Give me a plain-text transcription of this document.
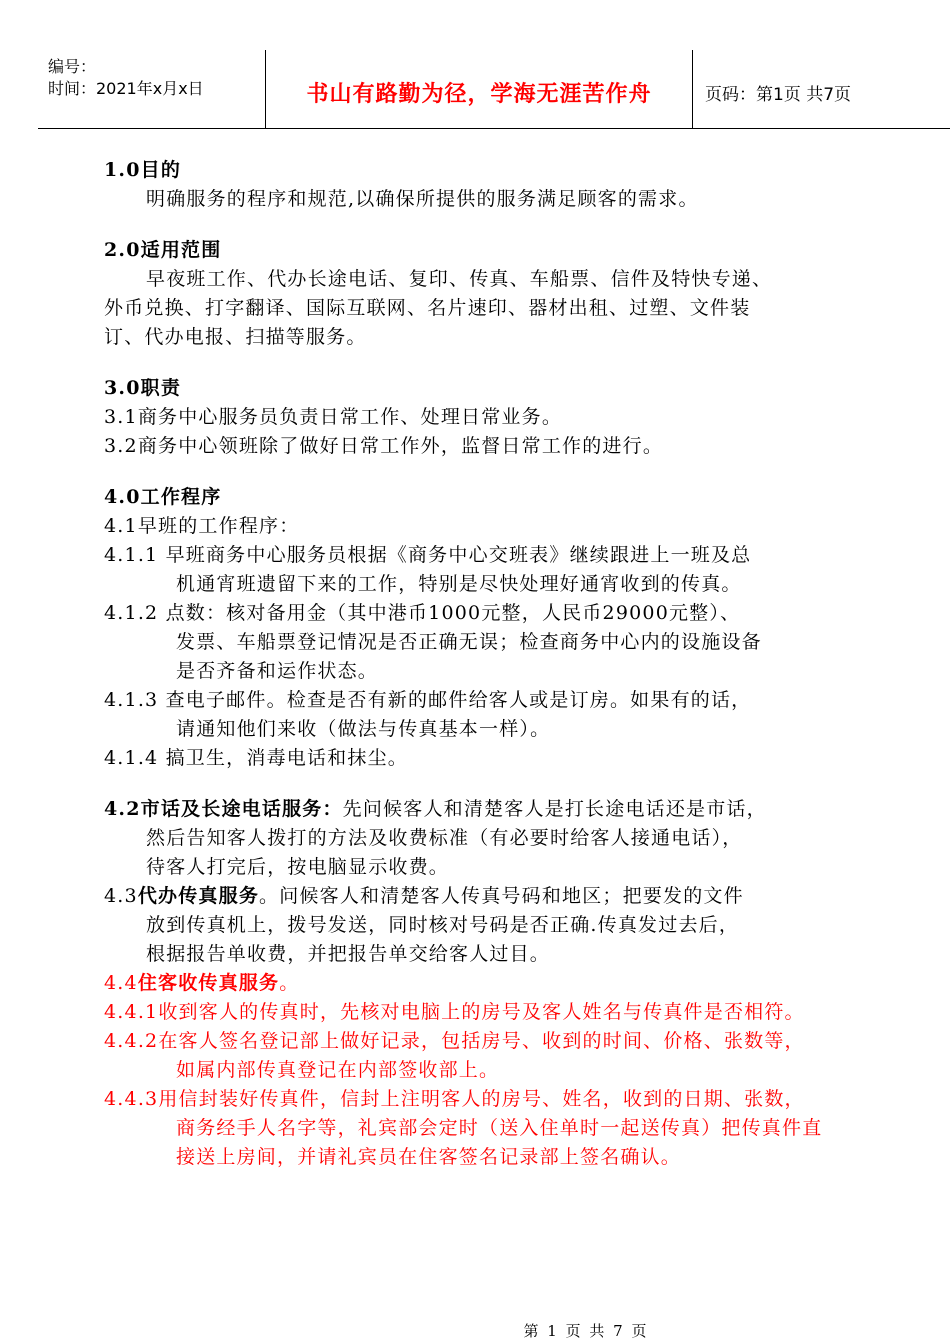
编号：
时间：2021年x月x日	书山有路勤为径，学海无涯苦作舟	页码：第1页 共7页
1.0目的
明确服务的程序和规范,以确保所提供的服务满足顾客的需求。
2.0适用范围
早夜班工作、代办长途电话、复印、传真、车船票、信件及特快专递、
外币兑换、打字翻译、国际互联网、名片速印、器材出租、过塑、文件装
订、代办电报、扫描等服务。
3.0职责
3.1商务中心服务员负责日常工作、处理日常业务。
3.2商务中心领班除了做好日常工作外，监督日常工作的进行。
4.0工作程序
4.1早班的工作程序：
4.1.1 早班商务中心服务员根据《商务中心交班表》继续跟进上一班及总
机通宵班遗留下来的工作，特别是尽快处理好通宵收到的传真。
4.1.2 点数：核对备用金（其中港币1000元整，人民币29000元整）、
发票、车船票登记情况是否正确无误；检查商务中心内的设施设备
是否齐备和运作状态。
4.1.3 查电子邮件。检查是否有新的邮件给客人或是订房。如果有的话，
请通知他们来收（做法与传真基本一样）。
4.1.4 搞卫生，消毒电话和抹尘。
4.2市话及长途电话服务：先问候客人和清楚客人是打长途电话还是市话，
然后告知客人拨打的方法及收费标准（有必要时给客人接通电话），
待客人打完后，按电脑显示收费。
4.3代办传真服务。问候客人和清楚客人传真号码和地区；把要发的文件
放到传真机上，拨号发送，同时核对号码是否正确.传真发过去后，
根据报告单收费，并把报告单交给客人过目。
4.4住客收传真服务。
4.4.1收到客人的传真时，先核对电脑上的房号及客人姓名与传真件是否相符。
4.4.2在客人签名登记部上做好记录，包括房号、收到的时间、价格、张数等，
如属内部传真登记在内部签收部上。
4.4.3用信封装好传真件，信封上注明客人的房号、姓名，收到的日期、张数，
商务经手人名字等，礼宾部会定时（送入住单时一起送传真）把传真件直
接送上房间，并请礼宾员在住客签名记录部上签名确认。
第 1 页 共 7 页
